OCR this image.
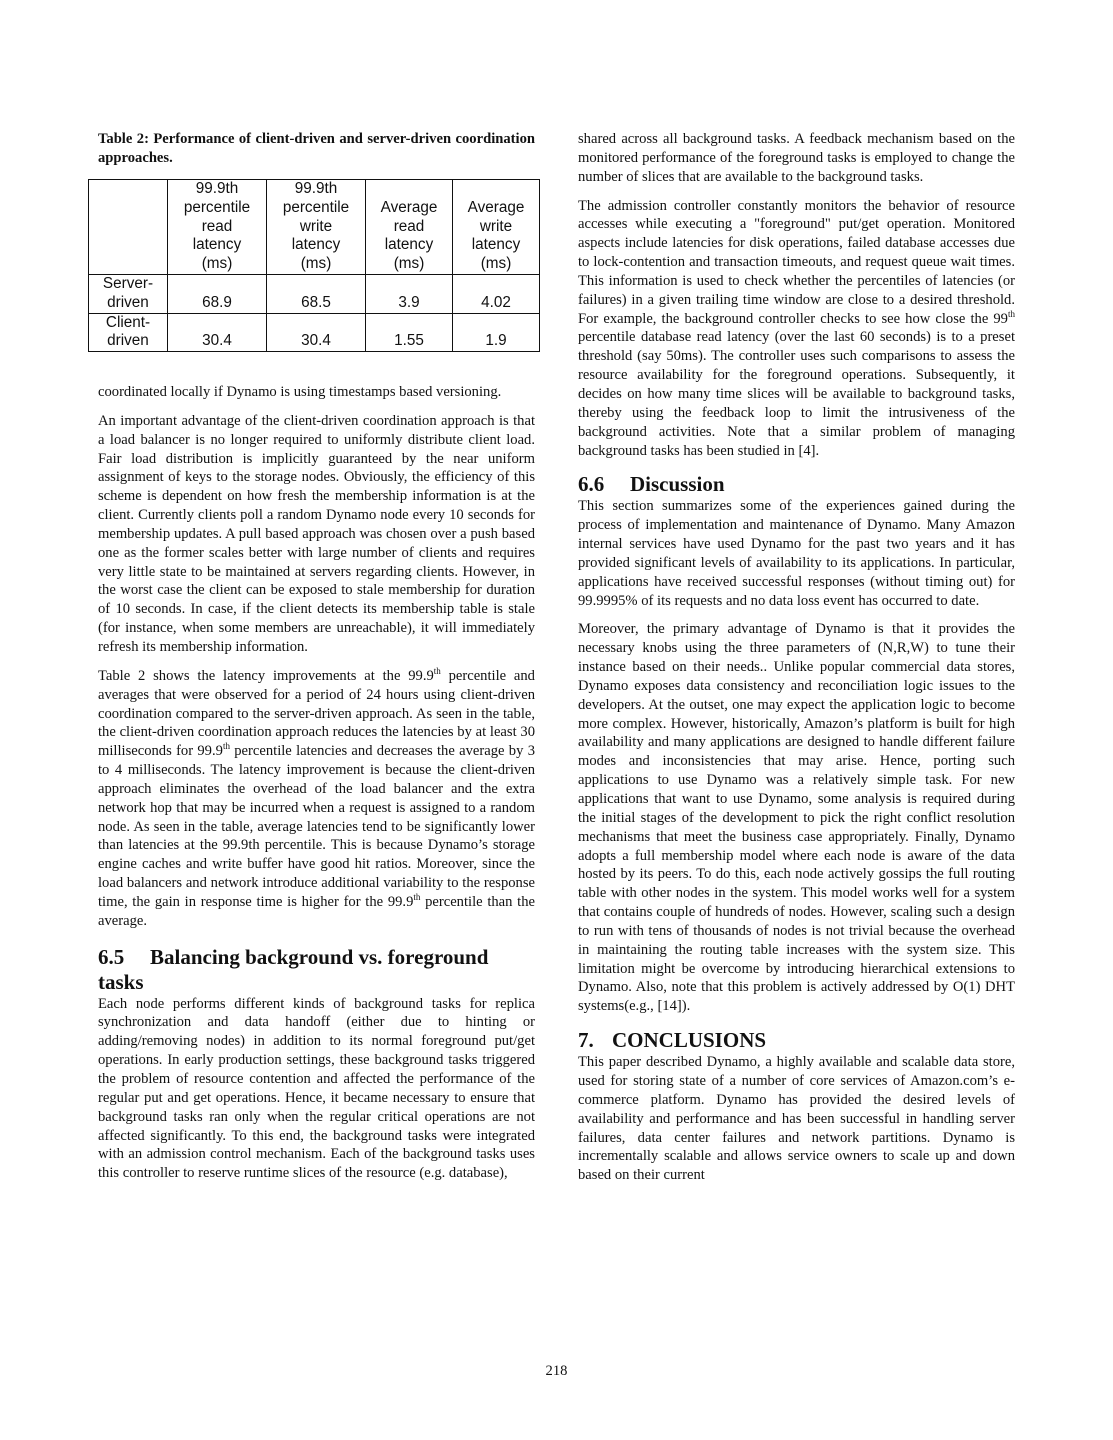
Table 2: Performance of client-driven and server-driven coordination approaches.

	99.9th
percentile
read
latency
(ms)	99.9th
percentile
write
latency
(ms)	Average
read
latency
(ms)	Average
write
latency
(ms)
Server-
driven	68.9	68.5	3.9	4.02
Client-
driven	30.4	30.4	1.55	1.9

coordinated locally if Dynamo is using timestamps based versioning.

An important advantage of the client-driven coordination approach is that a load balancer is no longer required to uniformly distribute client load. Fair load distribution is implicitly guaranteed by the near uniform assignment of keys to the storage nodes. Obviously, the efficiency of this scheme is dependent on how fresh the membership information is at the client. Currently clients poll a random Dynamo node every 10 seconds for membership updates. A pull based approach was chosen over a push based one as the former scales better with large number of clients and requires very little state to be maintained at servers regarding clients. However, in the worst case the client can be exposed to stale membership for duration of 10 seconds. In case, if the client detects its membership table is stale (for instance, when some members are unreachable), it will immediately refresh its membership information.

Table 2 shows the latency improvements at the 99.9th percentile and averages that were observed for a period of 24 hours using client-driven coordination compared to the server-driven approach. As seen in the table, the client-driven coordination approach reduces the latencies by at least 30 milliseconds for 99.9th percentile latencies and decreases the average by 3 to 4 milliseconds. The latency improvement is because the client-driven approach eliminates the overhead of the load balancer and the extra network hop that may be incurred when a request is assigned to a random node. As seen in the table, average latencies tend to be significantly lower than latencies at the 99.9th percentile. This is because Dynamo’s storage engine caches and write buffer have good hit ratios. Moreover, since the load balancers and network introduce additional variability to the response time, the gain in response time is higher for the 99.9th percentile than the average.

6.5 Balancing background vs. foreground tasks

Each node performs different kinds of background tasks for replica synchronization and data handoff (either due to hinting or adding/removing nodes) in addition to its normal foreground put/get operations. In early production settings, these background tasks triggered the problem of resource contention and affected the performance of the regular put and get operations. Hence, it became necessary to ensure that background tasks ran only when the regular critical operations are not affected significantly. To this end, the background tasks were integrated with an admission control mechanism. Each of the background tasks uses this controller to reserve runtime slices of the resource (e.g. database),

shared across all background tasks. A feedback mechanism based on the monitored performance of the foreground tasks is employed to change the number of slices that are available to the background tasks.

The admission controller constantly monitors the behavior of resource accesses while executing a "foreground" put/get operation. Monitored aspects include latencies for disk operations, failed database accesses due to lock-contention and transaction timeouts, and request queue wait times. This information is used to check whether the percentiles of latencies (or failures) in a given trailing time window are close to a desired threshold. For example, the background controller checks to see how close the 99th percentile database read latency (over the last 60 seconds) is to a preset threshold (say 50ms). The controller uses such comparisons to assess the resource availability for the foreground operations. Subsequently, it decides on how many time slices will be available to background tasks, thereby using the feedback loop to limit the intrusiveness of the background activities. Note that a similar problem of managing background tasks has been studied in [4].

6.6 Discussion

This section summarizes some of the experiences gained during the process of implementation and maintenance of Dynamo. Many Amazon internal services have used Dynamo for the past two years and it has provided significant levels of availability to its applications. In particular, applications have received successful responses (without timing out) for 99.9995% of its requests and no data loss event has occurred to date.

Moreover, the primary advantage of Dynamo is that it provides the necessary knobs using the three parameters of (N,R,W) to tune their instance based on their needs.. Unlike popular commercial data stores, Dynamo exposes data consistency and reconciliation logic issues to the developers. At the outset, one may expect the application logic to become more complex. However, historically, Amazon’s platform is built for high availability and many applications are designed to handle different failure modes and inconsistencies that may arise. Hence, porting such applications to use Dynamo was a relatively simple task. For new applications that want to use Dynamo, some analysis is required during the initial stages of the development to pick the right conflict resolution mechanisms that meet the business case appropriately. Finally, Dynamo adopts a full membership model where each node is aware of the data hosted by its peers. To do this, each node actively gossips the full routing table with other nodes in the system. This model works well for a system that contains couple of hundreds of nodes. However, scaling such a design to run with tens of thousands of nodes is not trivial because the overhead in maintaining the routing table increases with the system size. This limitation might be overcome by introducing hierarchical extensions to Dynamo. Also, note that this problem is actively addressed by O(1) DHT systems(e.g., [14]).

7. CONCLUSIONS

This paper described Dynamo, a highly available and scalable data store, used for storing state of a number of core services of Amazon.com’s e-commerce platform. Dynamo has provided the desired levels of availability and performance and has been successful in handling server failures, data center failures and network partitions. Dynamo is incrementally scalable and allows service owners to scale up and down based on their current

218
